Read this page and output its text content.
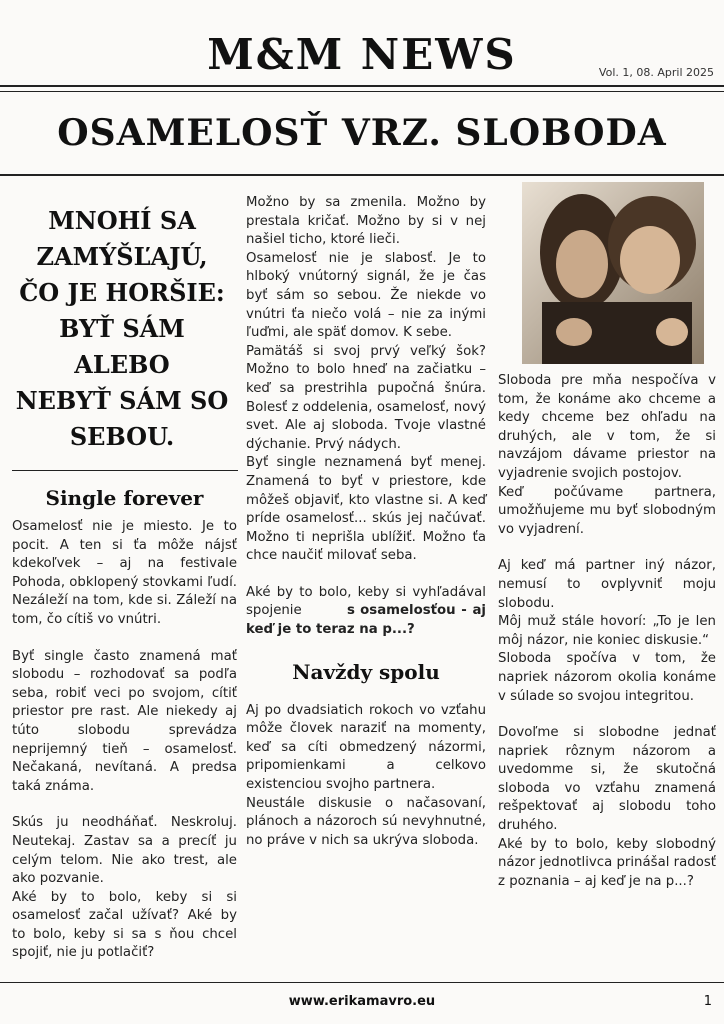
M&M NEWS	Vol. 1, 08. April 2025
OSAMELOSŤ VRZ. SLOBODA
MNOHÍ SA
ZAMÝŠĽAJÚ,
ČO JE HORŠIE:
BYŤ SÁM
ALEBO
NEBYŤ SÁM SO
SEBOU.
Single forever

Osamelosť nie je miesto. Je to pocit. A ten si ťa môže nájsť kdekoľvek – aj na festivale Pohoda, obklopený stovkami ľudí. Nezáleží na tom, kde si. Záleží na tom, čo cítiš vo vnútri.

Byť single často znamená mať slobodu – rozhodovať sa podľa seba, robiť veci po svojom, cítiť priestor pre rast. Ale niekedy aj túto slobodu sprevádza neprijemný tieň – osamelosť. Nečakaná, nevítaná. A predsa taká známa.

Skús ju neodháňať. Neskroluj. Neutekaj. Zastav sa a precíť ju celým telom. Nie ako trest, ale ako pozvanie.

Aké by to bolo, keby si si osamelosť začal užívať? Aké by to bolo, keby si sa s ňou chcel spojiť, nie ju potlačiť?

Možno by sa zmenila. Možno by prestala kričať. Možno by si v nej našiel ticho, ktoré lieči.

Osamelosť nie je slabosť. Je to hlboký vnútorný signál, že je čas byť sám so sebou. Že niekde vo vnútri ťa niečo volá – nie za inými ľuďmi, ale späť domov. K sebe.

Pamätáš si svoj prvý veľký šok? Možno to bolo hneď na začiatku – keď sa prestrihla pupočná šnúra. Bolesť z oddelenia, osamelosť, nový svet. Ale aj sloboda. Tvoje vlastné dýchanie. Prvý nádych.

Byť single neznamená byť menej. Znamená to byť v priestore, kde môžeš objaviť, kto vlastne si. A keď príde osamelosť... skús jej načúvať. Možno ti neprišla ublížiť. Možno ťa chce naučiť milovať seba.

Aké by to bolo, keby si vyhľadával spojenie	s osamelosťou - aj keď je to teraz na p...?

Navždy spolu

Aj po dvadsiatich rokoch vo vzťahu môže človek naraziť na momenty, keď sa cíti obmedzený názormi, pripomienkami a celkovo existenciou svojho partnera.

Neustále diskusie o načasovaní, plánoch a názoroch sú nevyhnutné, no práve v nich sa ukrýva sloboda.

Sloboda pre mňa nespočíva v tom, že konáme ako chceme a kedy chceme bez ohľadu na druhých, ale v tom, že si navzájom dávame priestor na vyjadrenie svojich postojov.

Keď počúvame partnera, umožňujeme mu byť slobodným vo vyjadrení.

Aj keď má partner iný názor, nemusí to ovplyvniť moju slobodu.

Môj muž stále hovorí: „To je len môj názor, nie koniec diskusie.“

Sloboda spočíva v tom, že napriek názorom okolia konáme v súlade so svojou integritou.

Dovoľme si slobodne jednať napriek rôznym názorom a uvedomme si, že skutočná sloboda vo vzťahu znamená rešpektovať aj slobodu toho druhého.

Aké by to bolo, keby slobodný názor jednotlivca prinášal radosť z poznania – aj keď je na p...?

www.erikamavro.eu	1
